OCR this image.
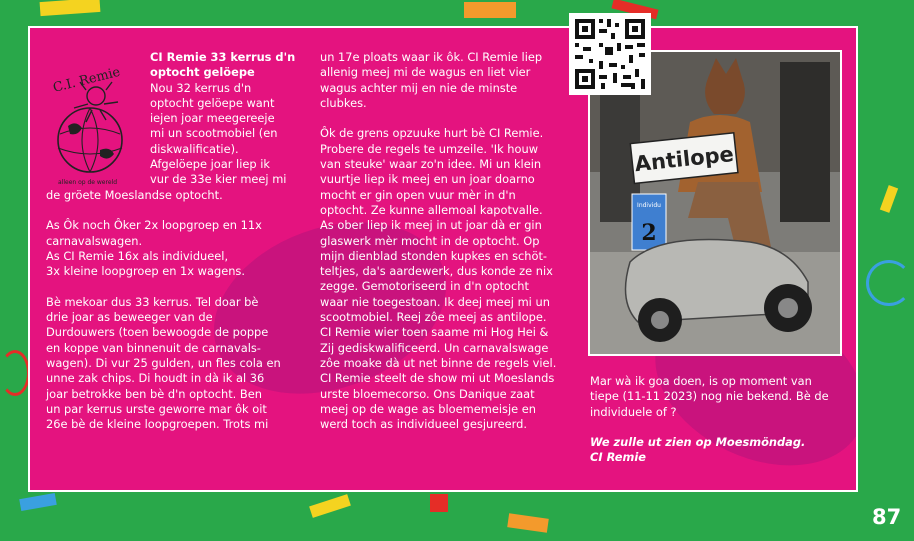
C.I. Remie
alleen op de wereld

CI Remie 33 kerrus d'n

optocht gelöepe

Nou 32 kerrus d'n

optocht gelöepe want

iejen joar meegereeje

mi un scootmobiel (en

diskwalificatie).

Afgelöepe joar liep ik

vur de 33e kier meej mi

de gröete Moeslandse optocht.

As Ôk noch Ôker 2x loopgroep en 11x

carnavalswagen.

As CI Remie 16x als individueel,

3x kleine loopgroep en 1x wagens.

Bè mekoar dus 33 kerrus. Tel doar bè

drie joar as beweeger van de

Durdouwers (toen bewoogde de poppe

en koppe van binnenuit de carnavals-

wagen). Di vur 25 gulden, un fles cola en

unne zak chips. Di houdt in dà ik al 36

joar betrokke ben bè d'n optocht. Ben

un par kerrus urste geworre mar ôk oit

26e bè de kleine loopgroepen. Trots mi

un 17e ploats waar ik ôk. CI Remie liep

allenig meej mi de wagus en liet vier

wagus achter mij en nie de minste

clubkes.

Ôk de grens opzuuke hurt bè CI Remie.

Probere de regels te umzeile. 'Ik houw

van steuke' waar zo'n idee. Mi un klein

vuurtje liep ik meej en un joar doarno

mocht er gin open vuur mèr in d'n

optocht. Ze kunne allemoal kapotvalle.

As ober liep ik meej in ut joar dà er gin

glaswerk mèr mocht in de optocht. Op

mijn dienblad stonden kupkes en schöt-

teltjes, da's aardewerk, dus konde ze nix

zegge. Gemotoriseerd in d'n optocht

waar nie toegestoan. Ik deej meej mi un

scootmobiel. Reej zôe meej as antilope.

CI Remie wier toen saame mi Hog Hei &

Zij gediskwalificeerd. Un carnavalswage

zôe moake dà ut net binne de regels viel.

CI Remie steelt de show mi ut Moeslands

urste bloemecorso. Ons Danique zaat

meej op de wage as bloememeisje en

werd toch as individueel gesjureerd.

Antilope
Individu
2

Mar wà ik goa doen, is op moment van

tiepe (11-11 2023) nog nie bekend. Bè de

individuele of ?

We zulle ut zien op Moesmöndag.

CI Remie

87
